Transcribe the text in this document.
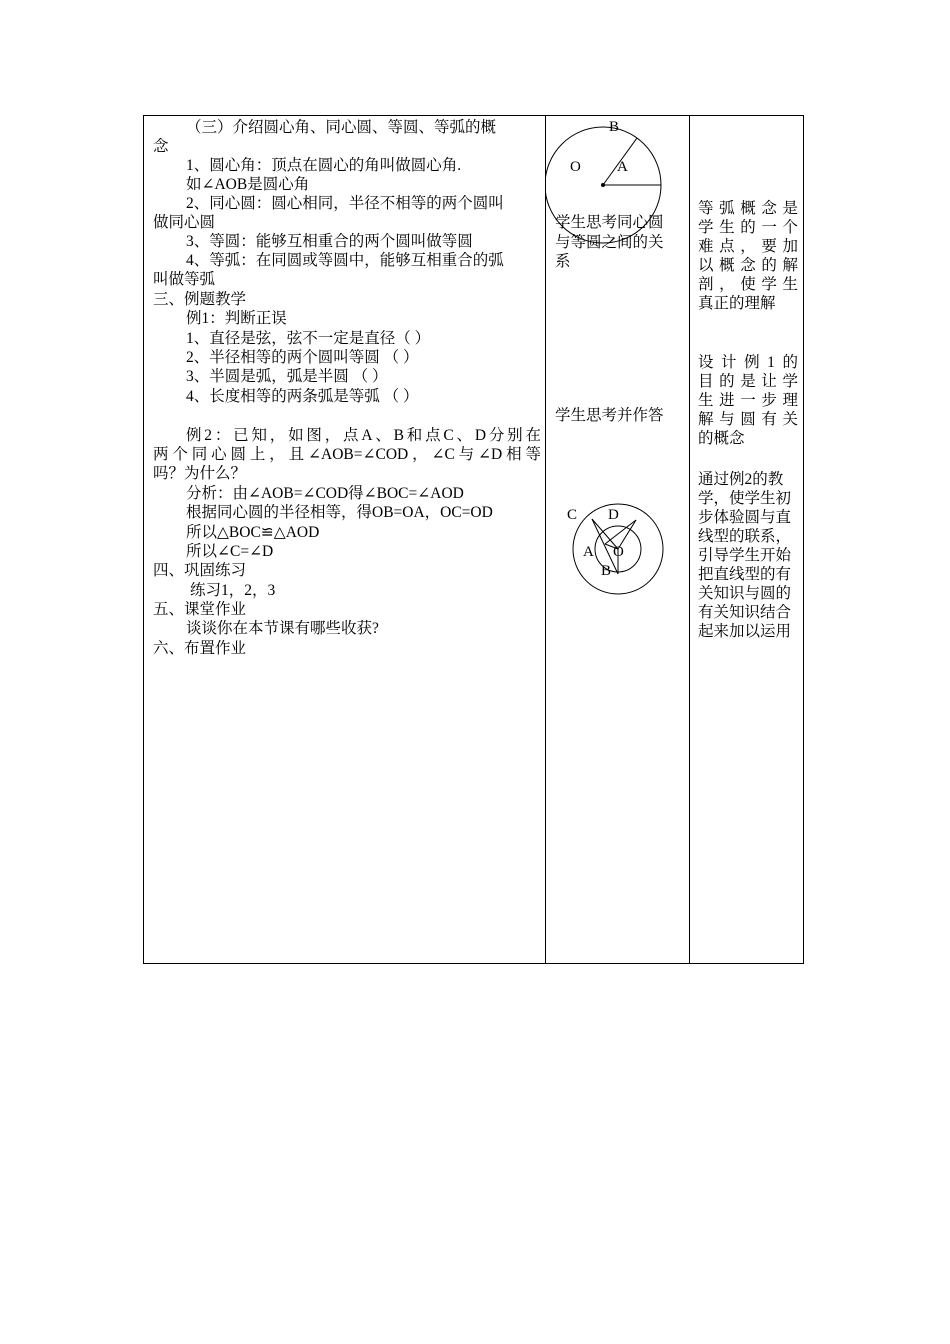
（三）介绍圆心角、同心圆、等圆、等弧的概
念
1、圆心角：顶点在圆心的角叫做圆心角.
如∠AOB是圆心角
2、同心圆：圆心相同，半径不相等的两个圆叫
做同心圆
3、等圆：能够互相重合的两个圆叫做等圆
4、等弧：在同圆或等圆中，能够互相重合的弧
叫做等弧
三、例题教学
例1：判断正误
1、直径是弦，弦不一定是直径（ ）
2、半径相等的两个圆叫等圆 （ ）
3、半圆是弧，弧是半圆 （ ）
4、长度相等的两条弧是等弧 （ ）
例2：已知，如图，点A、B和点C、D分别在
两个同心圆上，且∠AOB=∠COD，∠C与∠D相等
吗？为什么？
分析：由∠AOB=∠COD得∠BOC=∠AOD
根据同心圆的半径相等，得OB=OA，OC=OD
所以△BOC≌△AOD
所以∠C=∠D
四、巩固练习
练习1，2，3
五、课堂作业
谈谈你在本节课有哪些收获?
六、布置作业
B
O A
C D
A O
B
学生思考同心圆
与等圆之间的关
系
学生思考并作答
等弧概念是
学生的一个
难点，要加
以概念的解
剖，使学生
真正的理解
设计例1的
目的是让学
生进一步理
解与圆有关
的概念
通过例2的教
学，使学生初
步体验圆与直
线型的联系，
引导学生开始
把直线型的有
关知识与圆的
有关知识结合
起来加以运用
